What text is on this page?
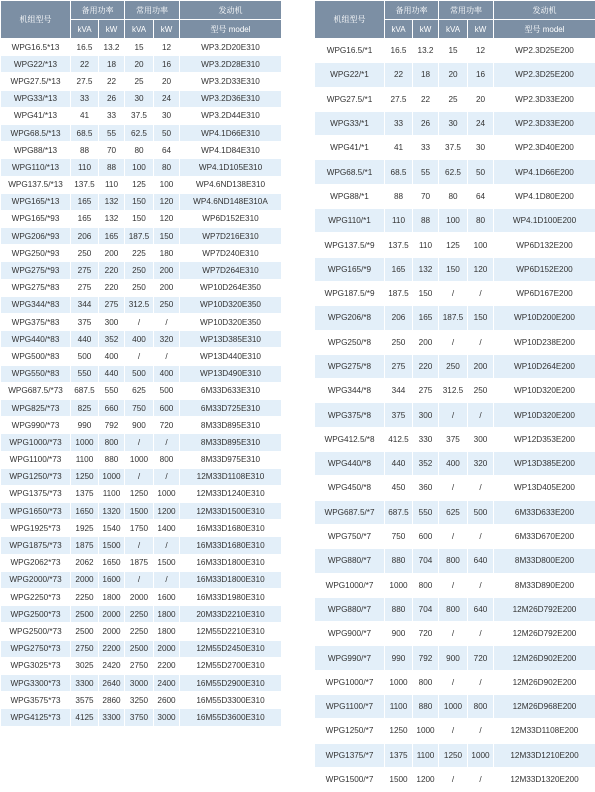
机组型号	备用功率		常用功率		发动机
	kVA	kW	kVA	kW	型号 model
WPG16.5*13	16.5	13.2	15	12	WP3.2D20E310
WPG22/*13	22	18	20	16	WP3.2D28E310
WPG27.5/*13	27.5	22	25	20	WP3.2D33E310
WPG33/*13	33	26	30	24	WP3.2D36E310
WPG41/*13	41	33	37.5	30	WP3.2D44E310
WPG68.5/*13	68.5	55	62.5	50	WP4.1D66E310
WPG88/*13	88	70	80	64	WP4.1D84E310
WPG110/*13	110	88	100	80	WP4.1D105E310
WPG137.5/*13	137.5	110	125	100	WP4.6ND138E310
WPG165/*13	165	132	150	120	WP4.6ND148E310A
WPG165/*93	165	132	150	120	WP6D152E310
WPG206/*93	206	165	187.5	150	WP7D216E310
WPG250/*93	250	200	225	180	WP7D240E310
WPG275/*93	275	220	250	200	WP7D264E310
WPG275/*83	275	220	250	200	WP10D264E350
WPG344/*83	344	275	312.5	250	WP10D320E350
WPG375/*83	375	300	/	/	WP10D320E350
WPG440/*83	440	352	400	320	WP13D385E310
WPG500/*83	500	400	/	/	WP13D440E310
WPG550/*83	550	440	500	400	WP13D490E310
WPG687.5/*73	687.5	550	625	500	6M33D633E310
WPG825/*73	825	660	750	600	6M33D725E310
WPG990/*73	990	792	900	720	8M33D895E310
WPG1000/*73	1000	800	/	/	8M33D895E310
WPG1100/*73	1100	880	1000	800	8M33D975E310
WPG1250/*73	1250	1000	/	/	12M33D1108E310
WPG1375/*73	1375	1100	1250	1000	12M33D1240E310
WPG1650/*73	1650	1320	1500	1200	12M33D1500E310
WPG1925*73	1925	1540	1750	1400	16M33D1680E310
WPG1875/*73	1875	1500	/	/	16M33D1680E310
WPG2062*73	2062	1650	1875	1500	16M33D1800E310
WPG2000/*73	2000	1600	/	/	16M33D1800E310
WPG2250*73	2250	1800	2000	1600	16M33D1980E310
WPG2500*73	2500	2000	2250	1800	20M33D2210E310
WPG2500/*73	2500	2000	2250	1800	12M55D2210E310
WPG2750*73	2750	2200	2500	2000	12M55D2450E310
WPG3025*73	3025	2420	2750	2200	12M55D2700E310
WPG3300*73	3300	2640	3000	2400	16M55D2900E310
WPG3575*73	3575	2860	3250	2600	16M55D3300E310
WPG4125*73	4125	3300	3750	3000	16M55D3600E310
机组型号	备用功率		常用功率		发动机
	kVA	kW	kVA	kW	型号 model
WPG16.5/*1	16.5	13.2	15	12	WP2.3D25E200
WPG22/*1	22	18	20	16	WP2.3D25E200
WPG27.5/*1	27.5	22	25	20	WP2.3D33E200
WPG33/*1	33	26	30	24	WP2.3D33E200
WPG41/*1	41	33	37.5	30	WP2.3D40E200
WPG68.5/*1	68.5	55	62.5	50	WP4.1D66E200
WPG88/*1	88	70	80	64	WP4.1D80E200
WPG110/*1	110	88	100	80	WP4.1D100E200
WPG137.5/*9	137.5	110	125	100	WP6D132E200
WPG165/*9	165	132	150	120	WP6D152E200
WPG187.5/*9	187.5	150	/	/	WP6D167E200
WPG206/*8	206	165	187.5	150	WP10D200E200
WPG250/*8	250	200	/	/	WP10D238E200
WPG275/*8	275	220	250	200	WP10D264E200
WPG344/*8	344	275	312.5	250	WP10D320E200
WPG375/*8	375	300	/	/	WP10D320E200
WPG412.5/*8	412.5	330	375	300	WP12D353E200
WPG440/*8	440	352	400	320	WP13D385E200
WPG450/*8	450	360	/	/	WP13D405E200
WPG687.5/*7	687.5	550	625	500	6M33D633E200
WPG750/*7	750	600	/	/	6M33D670E200
WPG880/*7	880	704	800	640	8M33D800E200
WPG1000/*7	1000	800	/	/	8M33D890E200
WPG880/*7	880	704	800	640	12M26D792E200
WPG900/*7	900	720	/	/	12M26D792E200
WPG990/*7	990	792	900	720	12M26D902E200
WPG1000/*7	1000	800	/	/	12M26D902E200
WPG1100/*7	1100	880	1000	800	12M26D968E200
WPG1250/*7	1250	1000	/	/	12M33D1108E200
WPG1375/*7	1375	1100	1250	1000	12M33D1210E200
WPG1500/*7	1500	1200	/	/	12M33D1320E200
